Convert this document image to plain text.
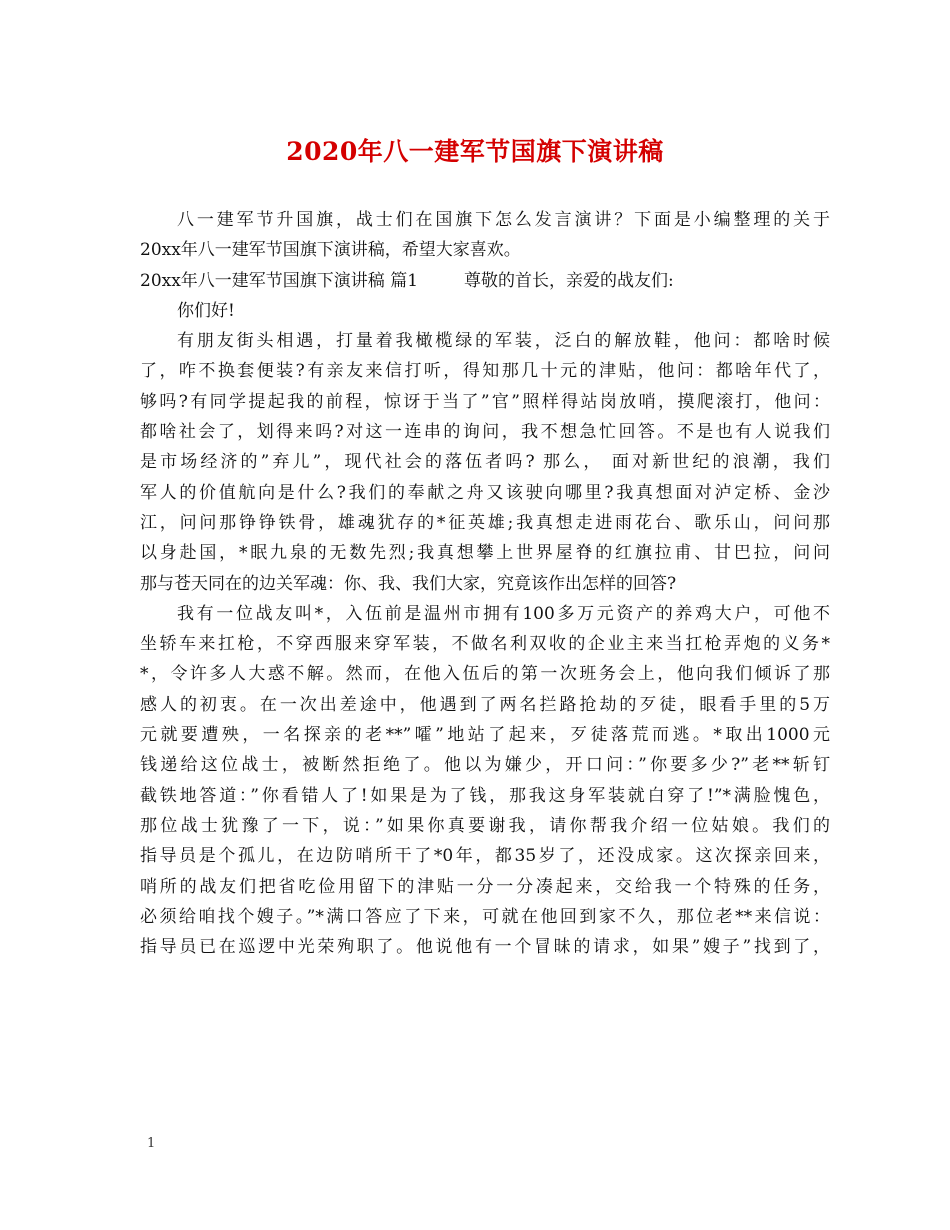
2020年八一建军节国旗下演讲稿
八一建军节升国旗，战士们在国旗下怎么发言演讲？下面是小编整理的关于
20xx年八一建军节国旗下演讲稿，希望大家喜欢。
20xx年八一建军节国旗下演讲稿 篇1	尊敬的首长，亲爱的战友们:
你们好!
有朋友街头相遇，打量着我橄榄绿的军装，泛白的解放鞋，他问：都啥时候
了，咋不换套便装?有亲友来信打听，得知那几十元的津贴，他问：都啥年代了，
够吗?有同学提起我的前程，惊讶于当了”官”照样得站岗放哨，摸爬滚打，他问：
都啥社会了，划得来吗?对这一连串的询问，我不想急忙回答。不是也有人说我们
是市场经济的”弃儿”，现代社会的落伍者吗? 那么， 面对新世纪的浪潮，我们
军人的价值航向是什么?我们的奉献之舟又该驶向哪里?我真想面对泸定桥、金沙
江，问问那铮铮铁骨，雄魂犹存的*征英雄;我真想走进雨花台、歌乐山，问问那
以身赴国，*眠九泉的无数先烈;我真想攀上世界屋脊的红旗拉甫、甘巴拉，问问
那与苍天同在的边关军魂：你、我、我们大家，究竟该作出怎样的回答?
我有一位战友叫*，入伍前是温州市拥有100多万元资产的养鸡大户，可他不
坐轿车来扛枪，不穿西服来穿军装，不做名利双收的企业主来当扛枪弄炮的义务*
*，令许多人大惑不解。然而，在他入伍后的第一次班务会上，他向我们倾诉了那
感人的初衷。在一次出差途中，他遇到了两名拦路抢劫的歹徒，眼看手里的5万
元就要遭殃，一名探亲的老**”嚯”地站了起来，歹徒落荒而逃。*取出1000元
钱递给这位战士，被断然拒绝了。他以为嫌少，开口问：”你要多少?”老**斩钉
截铁地答道：”你看错人了!如果是为了钱，那我这身军装就白穿了!”*满脸愧色，
那位战士犹豫了一下，说：”如果你真要谢我，请你帮我介绍一位姑娘。我们的
指导员是个孤儿，在边防哨所干了*0年，都35岁了，还没成家。这次探亲回来，
哨所的战友们把省吃俭用留下的津贴一分一分凑起来，交给我一个特殊的任务，
必须给咱找个嫂子。”*满口答应了下来，可就在他回到家不久，那位老**来信说：
指导员已在巡逻中光荣殉职了。他说他有一个冒昧的请求，如果”嫂子”找到了，
1
